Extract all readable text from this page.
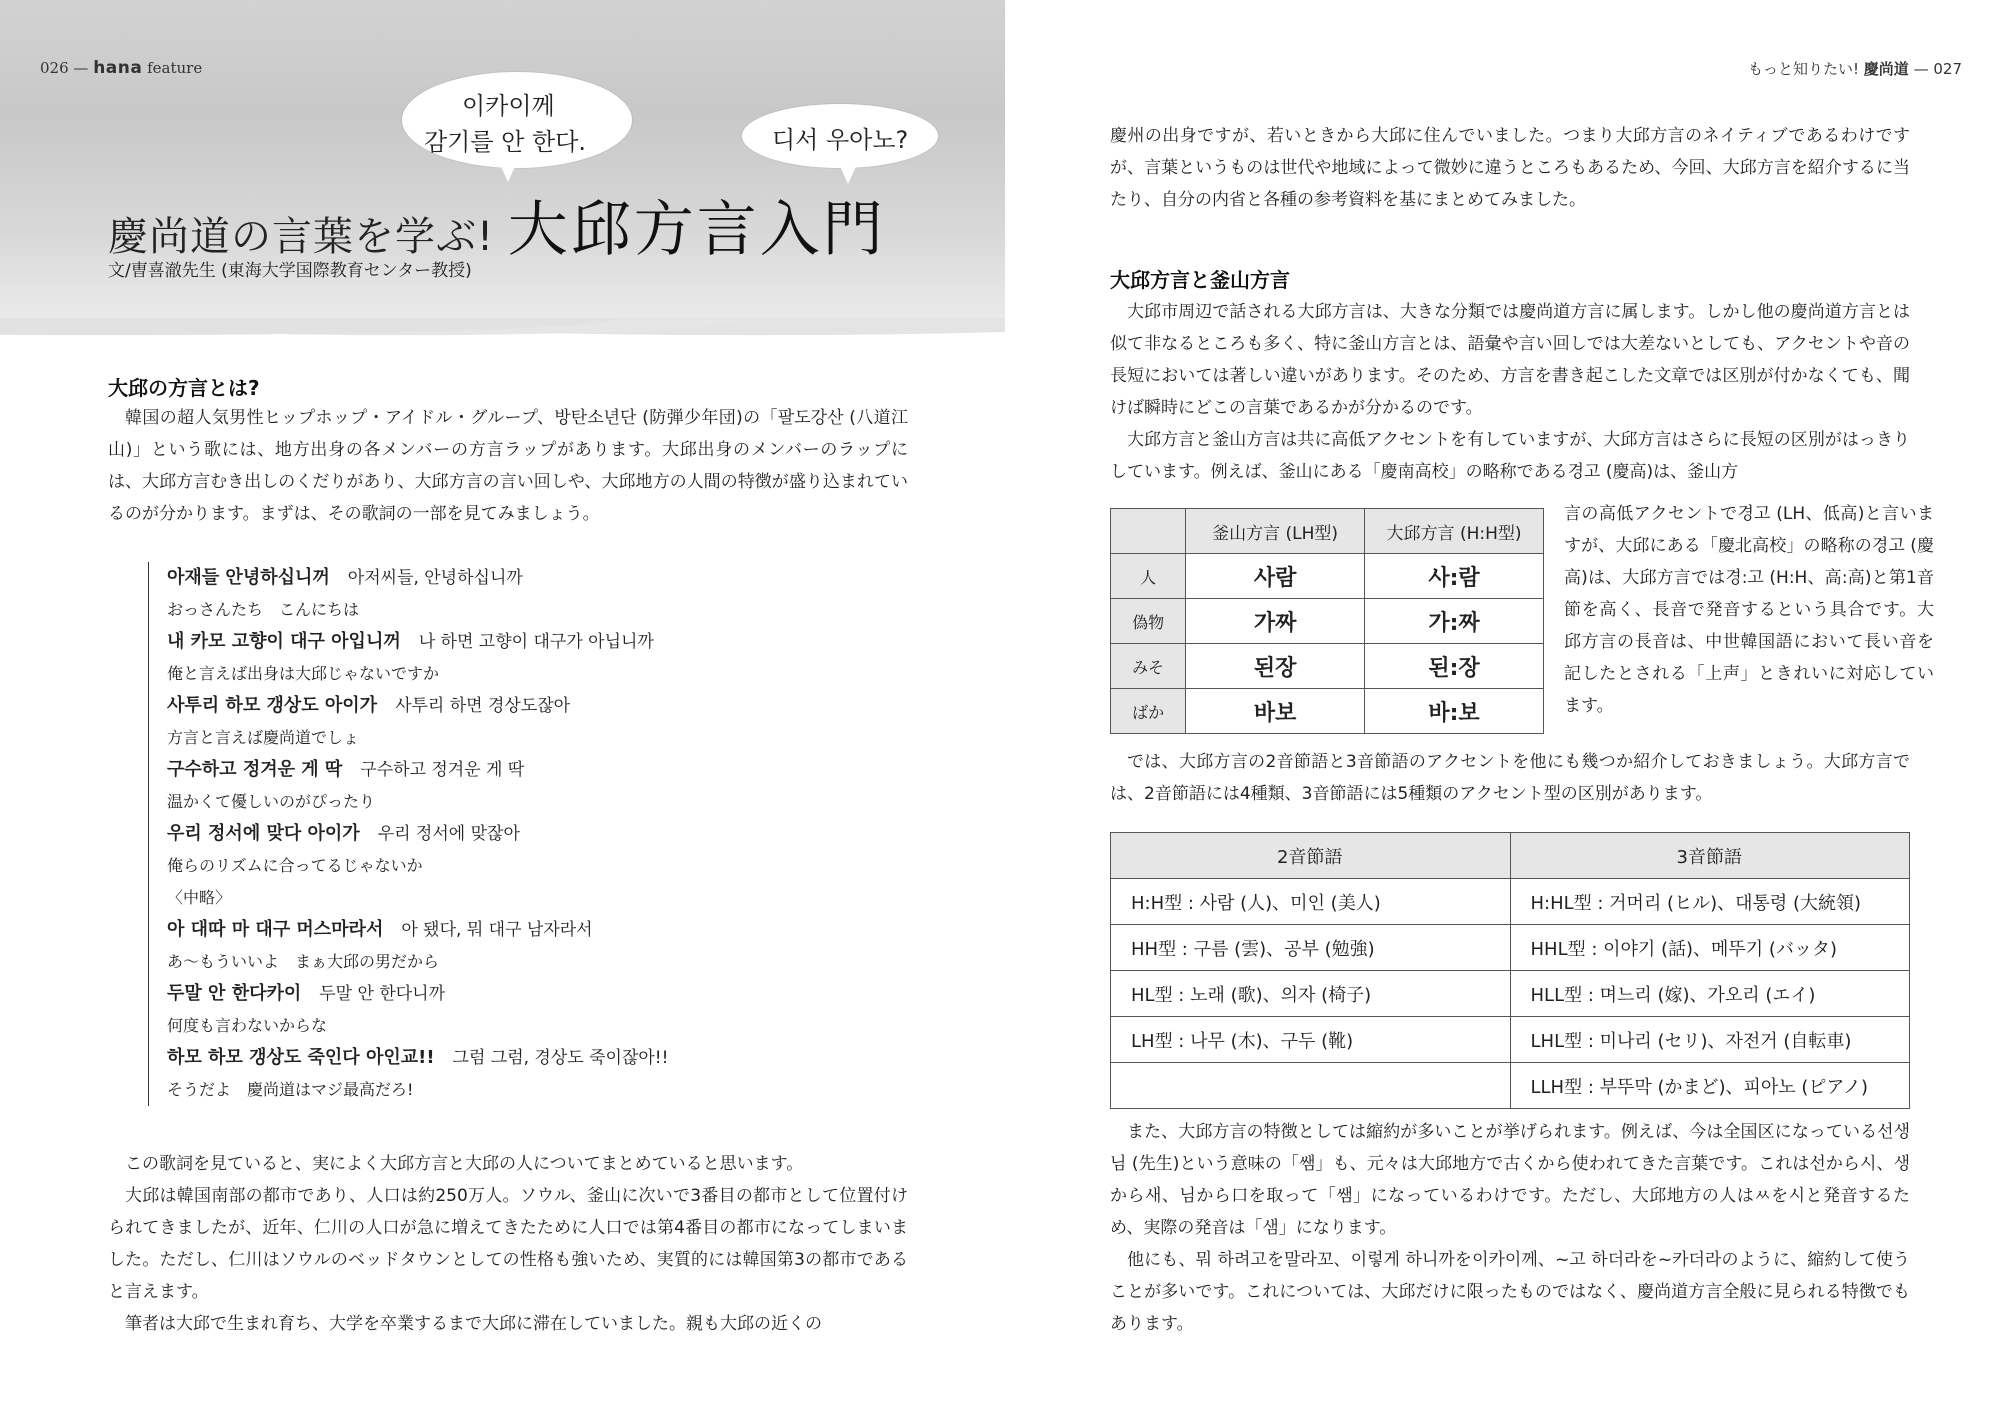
026 — hana feature
이카이께
감기를 안 한다.	디서 우아노?
慶尚道の言葉を学ぶ! 大邱方言入門
文/曺喜澈先生 (東海大学国際教育センター教授)
大邱の方言とは?

韓国の超人気男性ヒップホップ・アイドル・グループ、방탄소년단 (防弾少年団)の「팔도강산 (八道江山)」という歌には、地方出身の各メンバーの方言ラップがあります。大邱出身のメンバーのラップには、大邱方言むき出しのくだりがあり、大邱方言の言い回しや、大邱地方の人間の特徴が盛り込まれているのが分かります。まずは、その歌詞の一部を見てみましょう。

아재들 안녕하십니꺼 아저씨들, 안녕하십니까
おっさんたち　こんにちは
내 카모 고향이 대구 아입니꺼 나 하면 고향이 대구가 아닙니까
俺と言えば出身は大邱じゃないですか
사투리 하모 갱상도 아이가 사투리 하면 경상도잖아
方言と言えば慶尚道でしょ
구수하고 정겨운 게 딱 구수하고 정겨운 게 딱
温かくて優しいのがぴったり
우리 정서에 맞다 아이가 우리 정서에 맞잖아
俺らのリズムに合ってるじゃないか
〈中略〉
아 대따 마 대구 머스마라서 아 됐다, 뭐 대구 남자라서
あ〜もういいよ　まぁ大邱の男だから
두말 안 한다카이 두말 안 한다니까
何度も言わないからな
하모 하모 갱상도 죽인다 아인교!! 그럼 그럼, 경상도 죽이잖아!!
そうだよ　慶尚道はマジ最高だろ!

この歌詞を見ていると、実によく大邱方言と大邱の人についてまとめていると思います。

大邱は韓国南部の都市であり、人口は約250万人。ソウル、釜山に次いで3番目の都市として位置付けられてきましたが、近年、仁川の人口が急に増えてきたために人口では第4番目の都市になってしまいました。ただし、仁川はソウルのベッドタウンとしての性格も強いため、実質的には韓国第3の都市であると言えます。

筆者は大邱で生まれ育ち、大学を卒業するまで大邱に滞在していました。親も大邱の近くの

もっと知りたい! 慶尚道 — 027

慶州の出身ですが、若いときから大邱に住んでいました。つまり大邱方言のネイティブであるわけですが、言葉というものは世代や地域によって微妙に違うところもあるため、今回、大邱方言を紹介するに当たり、自分の内省と各種の参考資料を基にまとめてみました。

大邱方言と釜山方言

大邱市周辺で話される大邱方言は、大きな分類では慶尚道方言に属します。しかし他の慶尚道方言とは似て非なるところも多く、特に釜山方言とは、語彙や言い回しでは大差ないとしても、アクセントや音の長短においては著しい違いがあります。そのため、方言を書き起こした文章では区別が付かなくても、聞けば瞬時にどこの言葉であるかが分かるのです。

大邱方言と釜山方言は共に高低アクセントを有していますが、大邱方言はさらに長短の区別がはっきりしています。例えば、釜山にある「慶南高校」の略称である경고 (慶高)は、釜山方

	釜山方言 (LH型)	大邱方言 (H:H型)
人	사람	사:람
偽物	가짜	가:짜
みそ	된장	된:장
ばか	바보	바:보
言の高低アクセントで경고 (LH、低高)と言いますが、大邱にある「慶北高校」の略称の경고 (慶高)は、大邱方言では경:고 (H:H、高:高)と第1音節を高く、長音で発音するという具合です。大邱方言の長音は、中世韓国語において長い音を記したとされる「上声」ときれいに対応しています。

では、大邱方言の2音節語と3音節語のアクセントを他にも幾つか紹介しておきましょう。大邱方言では、2音節語には4種類、3音節語には5種類のアクセント型の区別があります。

2音節語	3音節語
H:H型 : 사람 (人)、미인 (美人)	H:HL型 : 거머리 (ヒル)、대통령 (大統領)
HH型 : 구름 (雲)、공부 (勉強)	HHL型 : 이야기 (話)、메뚜기 (バッタ)
HL型 : 노래 (歌)、의자 (椅子)	HLL型 : 며느리 (嫁)、가오리 (エイ)
LH型 : 나무 (木)、구두 (靴)	LHL型 : 미나리 (セリ)、자전거 (自転車)
	LLH型 : 부뚜막 (かまど)、피아노 (ピアノ)

また、大邱方言の特徴としては縮約が多いことが挙げられます。例えば、今は全国区になっている선생님 (先生)という意味の「쌤」も、元々は大邱地方で古くから使われてきた言葉です。これは선から시、생から새、님から口を取って「쌤」になっているわけです。ただし、大邱地方の人はㅆを시と発音するため、実際の発音は「샘」になります。

他にも、뭐 하려고を말라꼬、이렇게 하니까を이카이께、~고 하더라を~카더라のように、縮約して使うことが多いです。これについては、大邱だけに限ったものではなく、慶尚道方言全般に見られる特徴でもあります。
